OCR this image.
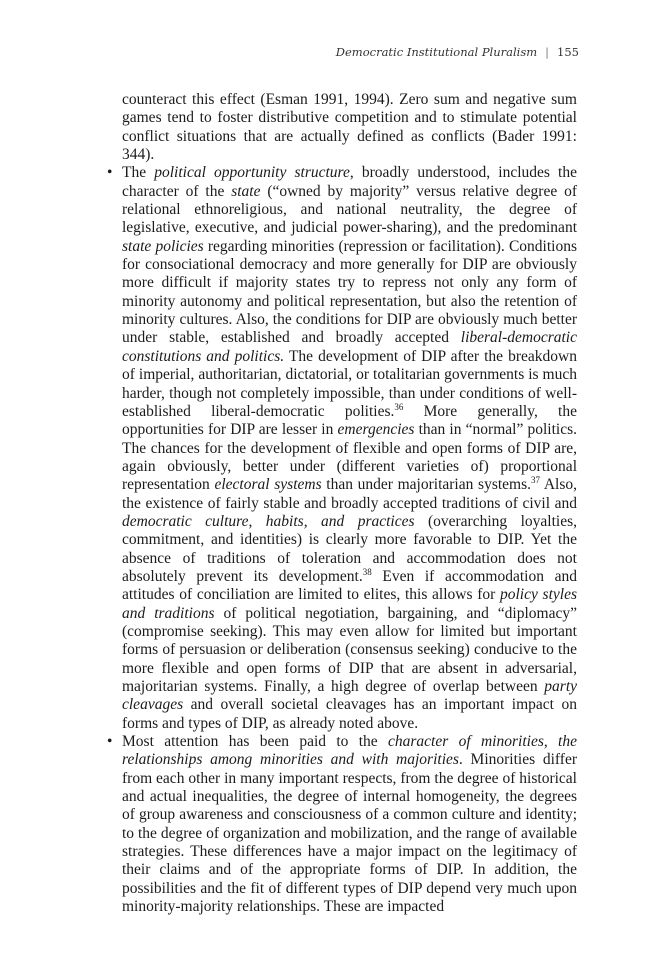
Democratic Institutional Pluralism | 155

counteract this effect (Esman 1991, 1994). Zero sum and negative sum games tend to foster distributive competition and to stimulate potential conflict situations that are actually defined as conflicts (Bader 1991: 344).

• The political opportunity structure, broadly understood, includes the character of the state (“owned by majority” versus relative degree of relational ethnoreligious, and national neutrality, the degree of legislative, executive, and judicial power-sharing), and the predominant state policies regarding minorities (repression or facilitation). Conditions for consociational democracy and more generally for DIP are obviously more difficult if majority states try to repress not only any form of minority autonomy and political representation, but also the retention of minority cultures. Also, the conditions for DIP are obviously much better under stable, established and broadly accepted liberal-democratic constitutions and politics. The development of DIP after the breakdown of imperial, authoritarian, dictatorial, or totalitarian governments is much harder, though not completely impossible, than under conditions of well-established liberal-democratic polities.$^{36}$ More generally, the opportunities for DIP are lesser in emergencies than in “normal” politics. The chances for the development of flexible and open forms of DIP are, again obviously, better under (different varieties of) proportional representation electoral systems than under majoritarian systems.$^{37}$ Also, the existence of fairly stable and broadly accepted traditions of civil and democratic culture, habits, and practices (overarching loyalties, commitment, and identities) is clearly more favorable to DIP. Yet the absence of traditions of toleration and accommodation does not absolutely prevent its development.$^{38}$ Even if accommodation and attitudes of conciliation are limited to elites, this allows for policy styles and traditions of political negotiation, bargaining, and “diplomacy” (compromise seeking). This may even allow for limited but important forms of persuasion or deliberation (consensus seeking) conducive to the more flexible and open forms of DIP that are absent in adversarial, majoritarian systems. Finally, a high degree of overlap between party cleavages and overall societal cleavages has an important impact on forms and types of DIP, as already noted above.
• Most attention has been paid to the character of minorities, the relationships among minorities and with majorities. Minorities differ from each other in many important respects, from the degree of historical and actual inequalities, the degree of internal homogeneity, the degrees of group awareness and consciousness of a common culture and identity; to the degree of organization and mobilization, and the range of available strategies. These differences have a major impact on the legitimacy of their claims and of the appropriate forms of DIP. In addition, the possibilities and the fit of different types of DIP depend very much upon minority-majority relationships. These are impacted
